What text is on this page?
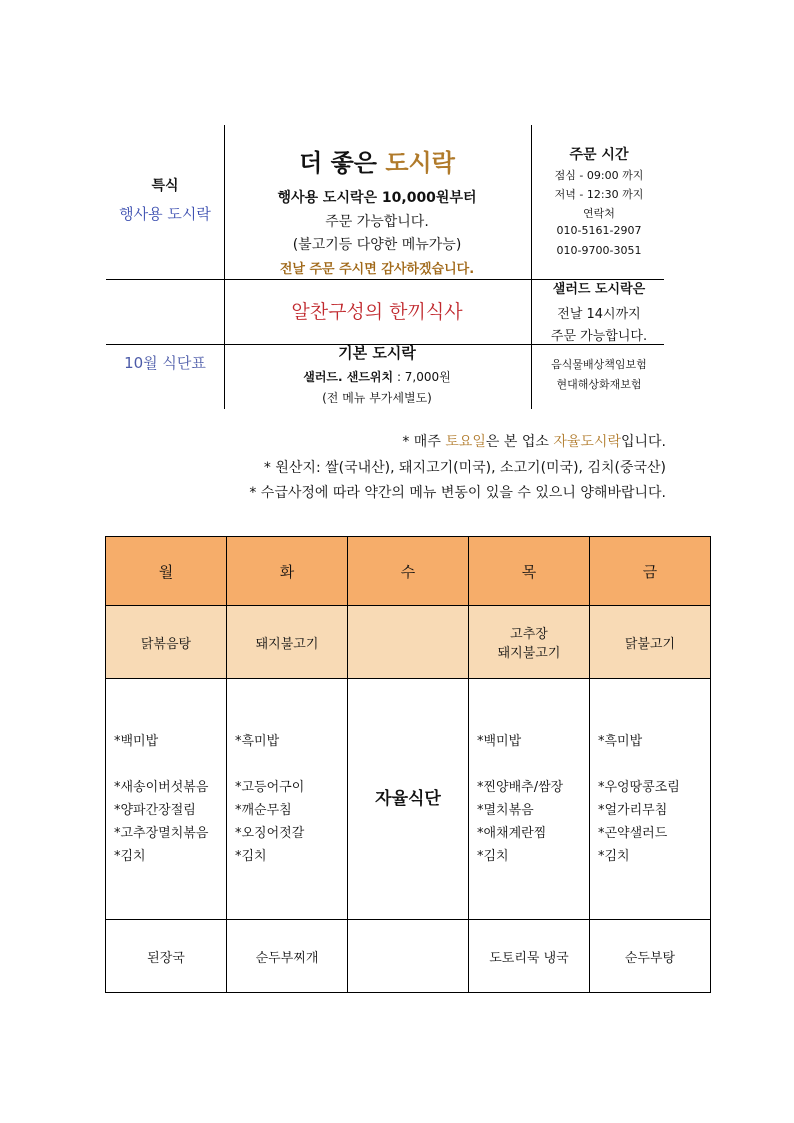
특식
행사용 도시락
10월 식단표
더 좋은 도시락
행사용 도시락은 10,000원부터
주문 가능합니다.
(불고기등 다양한 메뉴가능)
전날 주문 주시면 감사하겠습니다.
알찬구성의 한끼식사
기본 도시락
샐러드. 샌드위치 : 7,000원
(전 메뉴 부가세별도)
주문 시간
점심 - 09:00 까지
저녁 - 12:30 까지
연락처
010-5161-2907
010-9700-3051
샐러드 도시락은
전날 14시까지
주문 가능합니다.
음식물배상책임보험
현대해상화재보험
* 매주 토요일은 본 업소 자율도시락입니다.
* 원산지: 쌀(국내산), 돼지고기(미국), 소고기(미국), 김치(중국산)
* 수급사정에 따라 약간의 메뉴 변동이 있을 수 있으니 양해바랍니다.
월	화	수	목	금
닭볶음탕	돼지불고기		고추장
돼지불고기	닭불고기
*백미밥

*새송이버섯볶음
*양파간장절림
*고추장멸치볶음
*김치	*흑미밥

*고등어구이
*깨순무침
*오징어젓갈
*김치	자율식단	*백미밥

*찐양배추/쌈장
*멸치볶음
*애채계란찜
*김치	*흑미밥

*우엉땅콩조림
*얼가리무침
*곤약샐러드
*김치
된장국	순두부찌개		도토리묵 냉국	순두부탕
